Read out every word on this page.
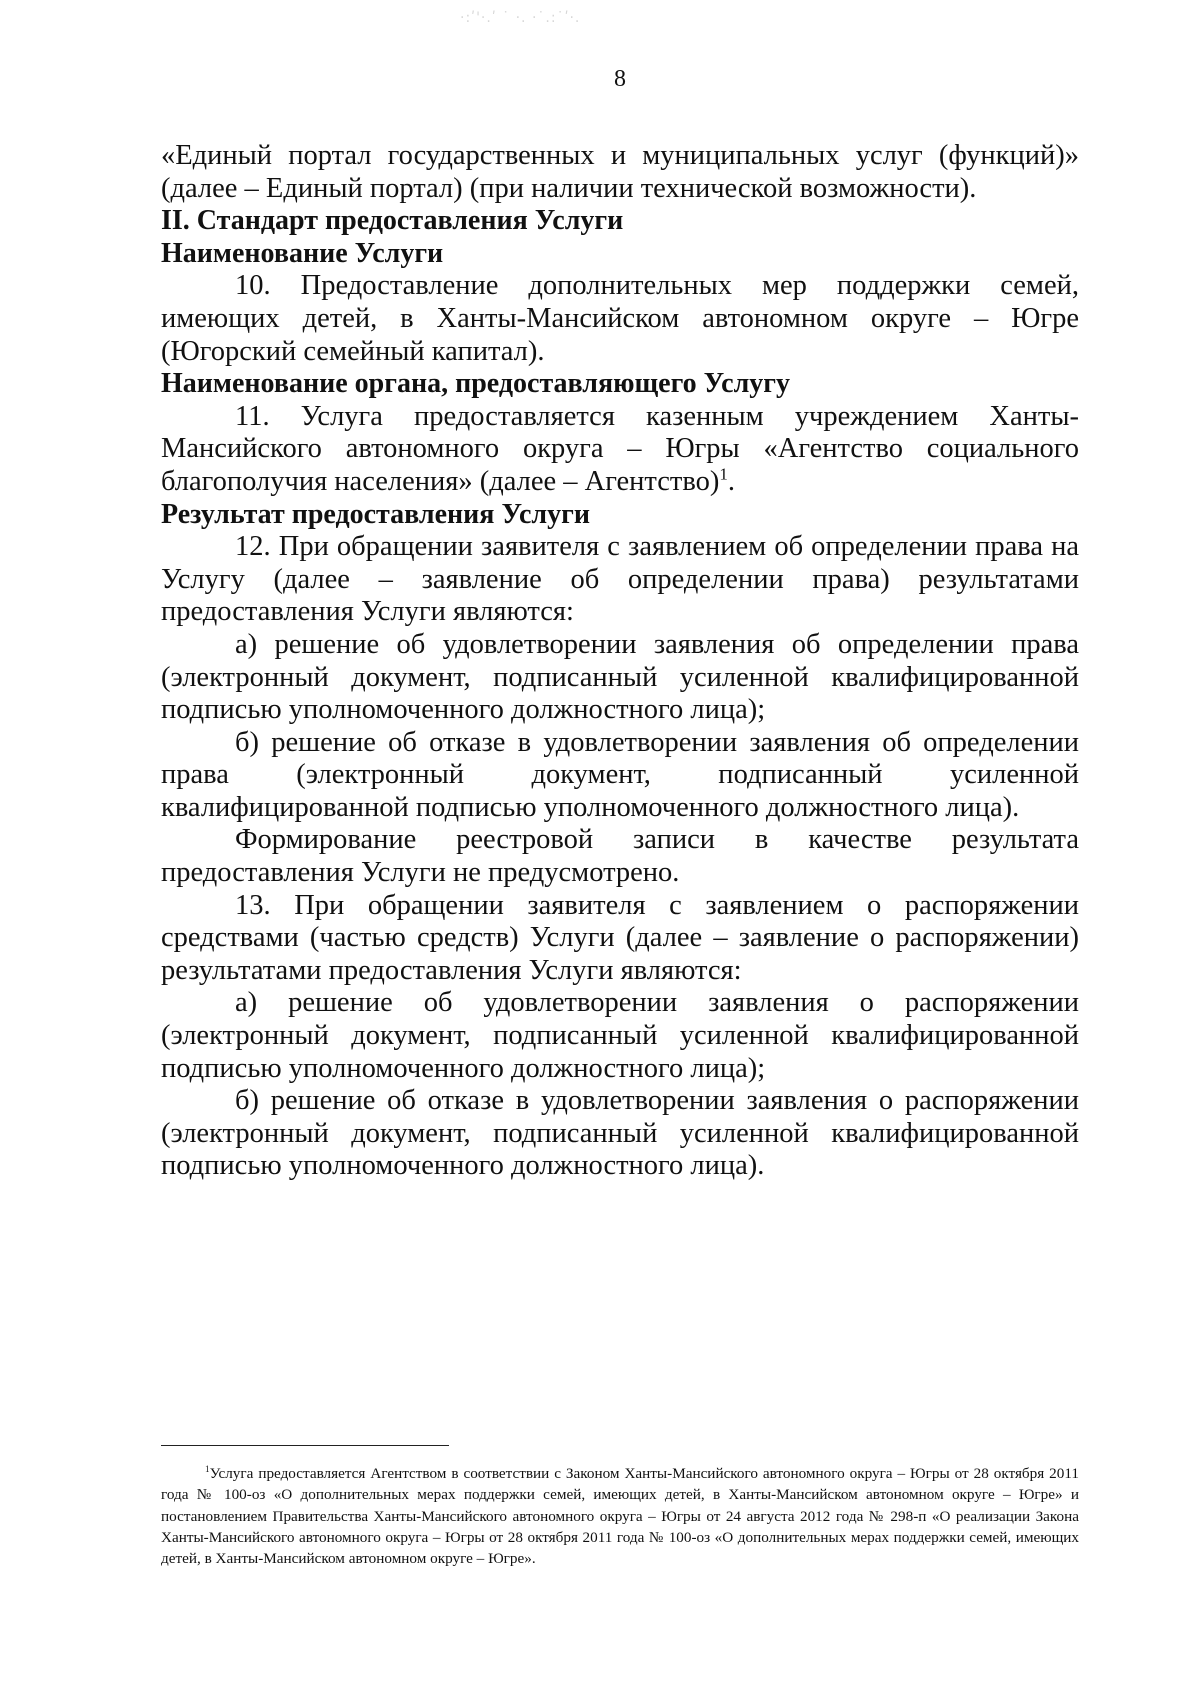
·:ʹ'·.ʹ ˙ ·. ·˙.:˙ʹ·.
8

«Единый портал государственных и муниципальных услуг (функций)» (далее – Единый портал) (при наличии технической возможности).

II. Стандарт предоставления Услуги

Наименование Услуги

10. Предоставление дополнительных мер поддержки семей, имеющих детей, в Ханты-Мансийском автономном округе – Югре (Югорский семейный капитал).

Наименование органа, предоставляющего Услугу

11. Услуга предоставляется казенным учреждением Ханты-Мансийского автономного округа – Югры «Агентство социального благополучия населения» (далее – Агентство)$^1$.

Результат предоставления Услуги

12. При обращении заявителя с заявлением об определении права на Услугу (далее – заявление об определении права) результатами предоставления Услуги являются:

а) решение об удовлетворении заявления об определении права (электронный документ, подписанный усиленной квалифицированной подписью уполномоченного должностного лица);

б) решение об отказе в удовлетворении заявления об определении права (электронный документ, подписанный усиленной квалифицированной подписью уполномоченного должностного лица).

Формирование реестровой записи в качестве результата предоставления Услуги не предусмотрено.

13. При обращении заявителя с заявлением о распоряжении средствами (частью средств) Услуги (далее – заявление о распоряжении) результатами предоставления Услуги являются:

а) решение об удовлетворении заявления о распоряжении (электронный документ, подписанный усиленной квалифицированной подписью уполномоченного должностного лица);

б) решение об отказе в удовлетворении заявления о распоряжении (электронный документ, подписанный усиленной квалифицированной подписью уполномоченного должностного лица).

$^1$Услуга предоставляется Агентством в соответствии с Законом Ханты-Мансийского автономного округа – Югры от 28 октября 2011 года № 100-оз «О дополнительных мерах поддержки семей, имеющих детей, в Ханты-Мансийском автономном округе – Югре» и постановлением Правительства Ханты-Мансийского автономного округа – Югры от 24 августа 2012 года № 298-п «О реализации Закона Ханты-Мансийского автономного округа – Югры от 28 октября 2011 года № 100-оз «О дополнительных мерах поддержки семей, имеющих детей, в Ханты-Мансийском автономном округе – Югре».
